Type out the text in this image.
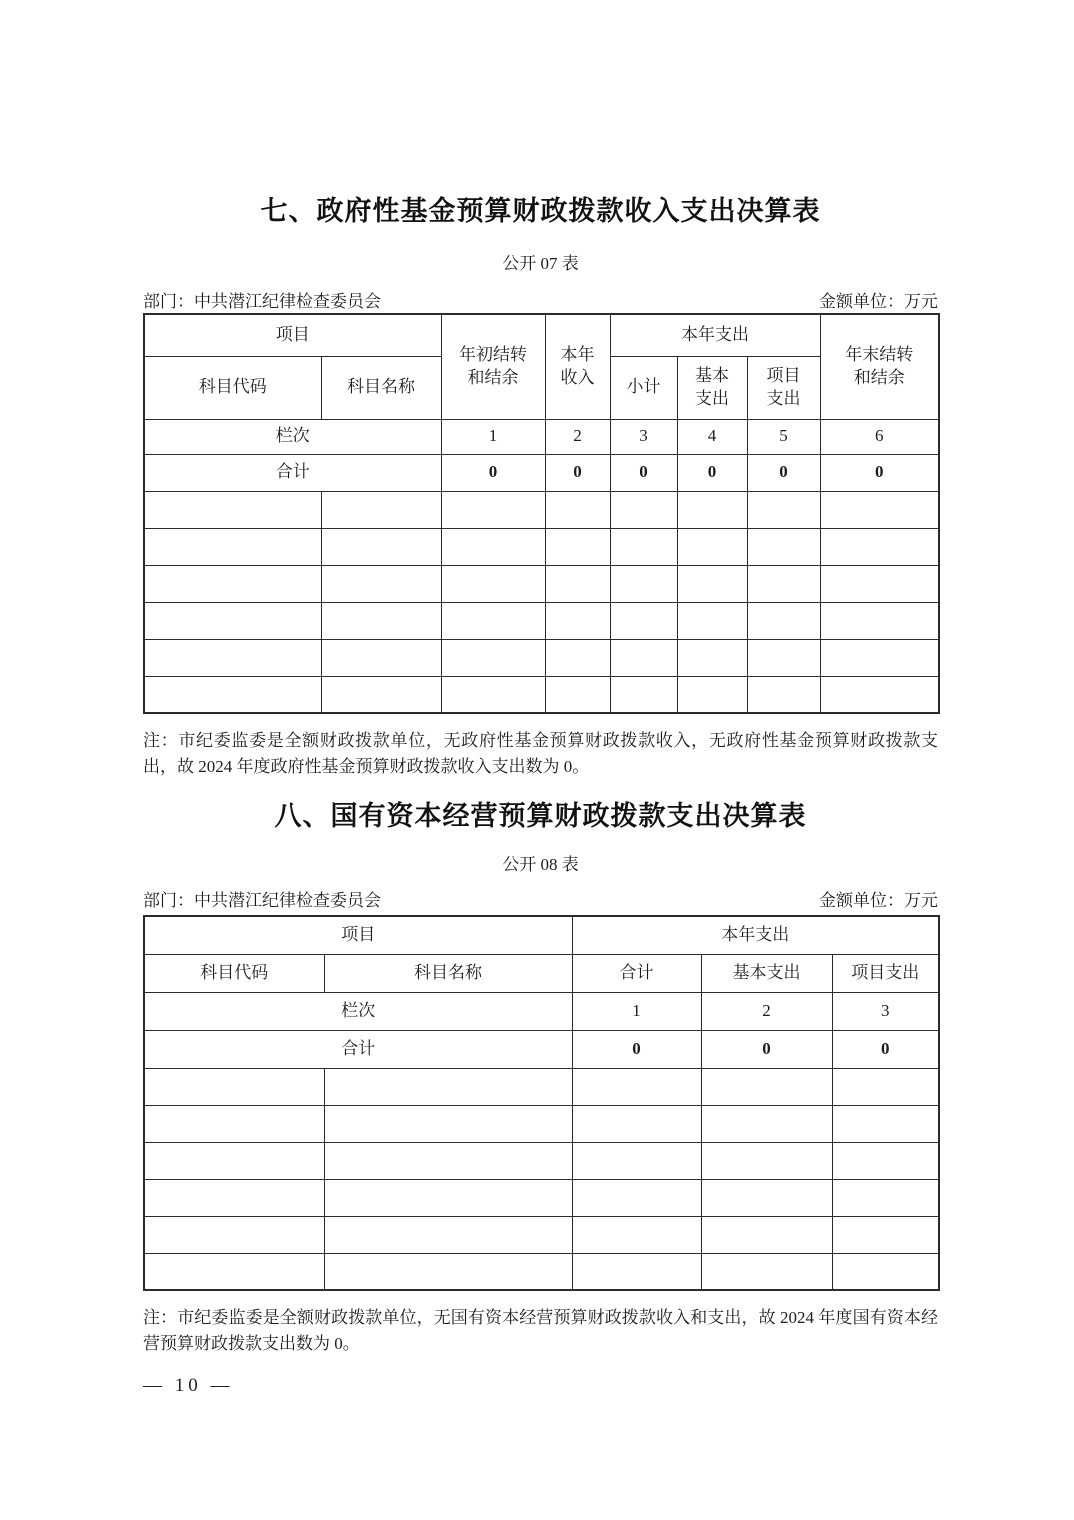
七、政府性基金预算财政拨款收入支出决算表
公开 07 表
部门：中共潜江纪律检查委员会	金额单位：万元
项目		年初结转和结余	本年收入	本年支出			年末结转和结余
科目代码	科目名称			小计	基本支出	项目支出	
栏次		1	2	3	4	5	6
合计		0	0	0	0	0	0

注：市纪委监委是全额财政拨款单位，无政府性基金预算财政拨款收入，无政府性基金预算财政拨款支出，故 2024 年度政府性基金预算财政拨款收入支出数为 0。

八、国有资本经营预算财政拨款支出决算表
公开 08 表
部门：中共潜江纪律检查委员会	金额单位：万元
项目		本年支出		
科目代码	科目名称	合计	基本支出	项目支出
栏次		1	2	3
合计		0	0	0

注：市纪委监委是全额财政拨款单位，无国有资本经营预算财政拨款收入和支出，故 2024 年度国有资本经营预算财政拨款支出数为 0。

— 10 —
